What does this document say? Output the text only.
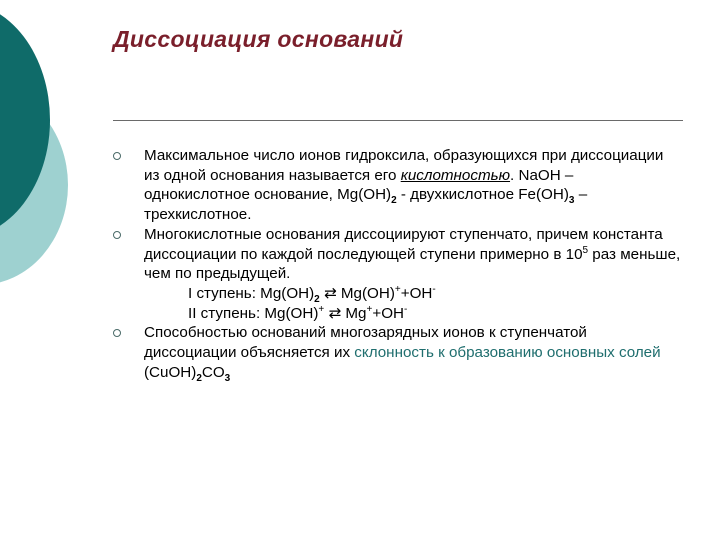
Диссоциация оснований
Максимальное число ионов гидроксила, образующихся при диссоциации из одной основания называется его кислотностью. NaOH – однокислотное основание, $Mg(OH)_2$ - двухкислотное $Fe(OH)_3$ – трехкислотное.
Многокислотные основания диссоциируют ступенчато, причем константа диссоциации по каждой последующей ступени примерно в $10^5$ раз меньше, чем по предыдущей.
I ступень: $Mg(OH)_2$ ⇄ Mg(OH)++OH-
II ступень: Mg(OH)+ ⇄ Mg++OH-
Способностью оснований многозарядных ионов к ступенчатой диссоциации объясняется их склонность к образованию основных солей $(CuOH)_2CO_3$
